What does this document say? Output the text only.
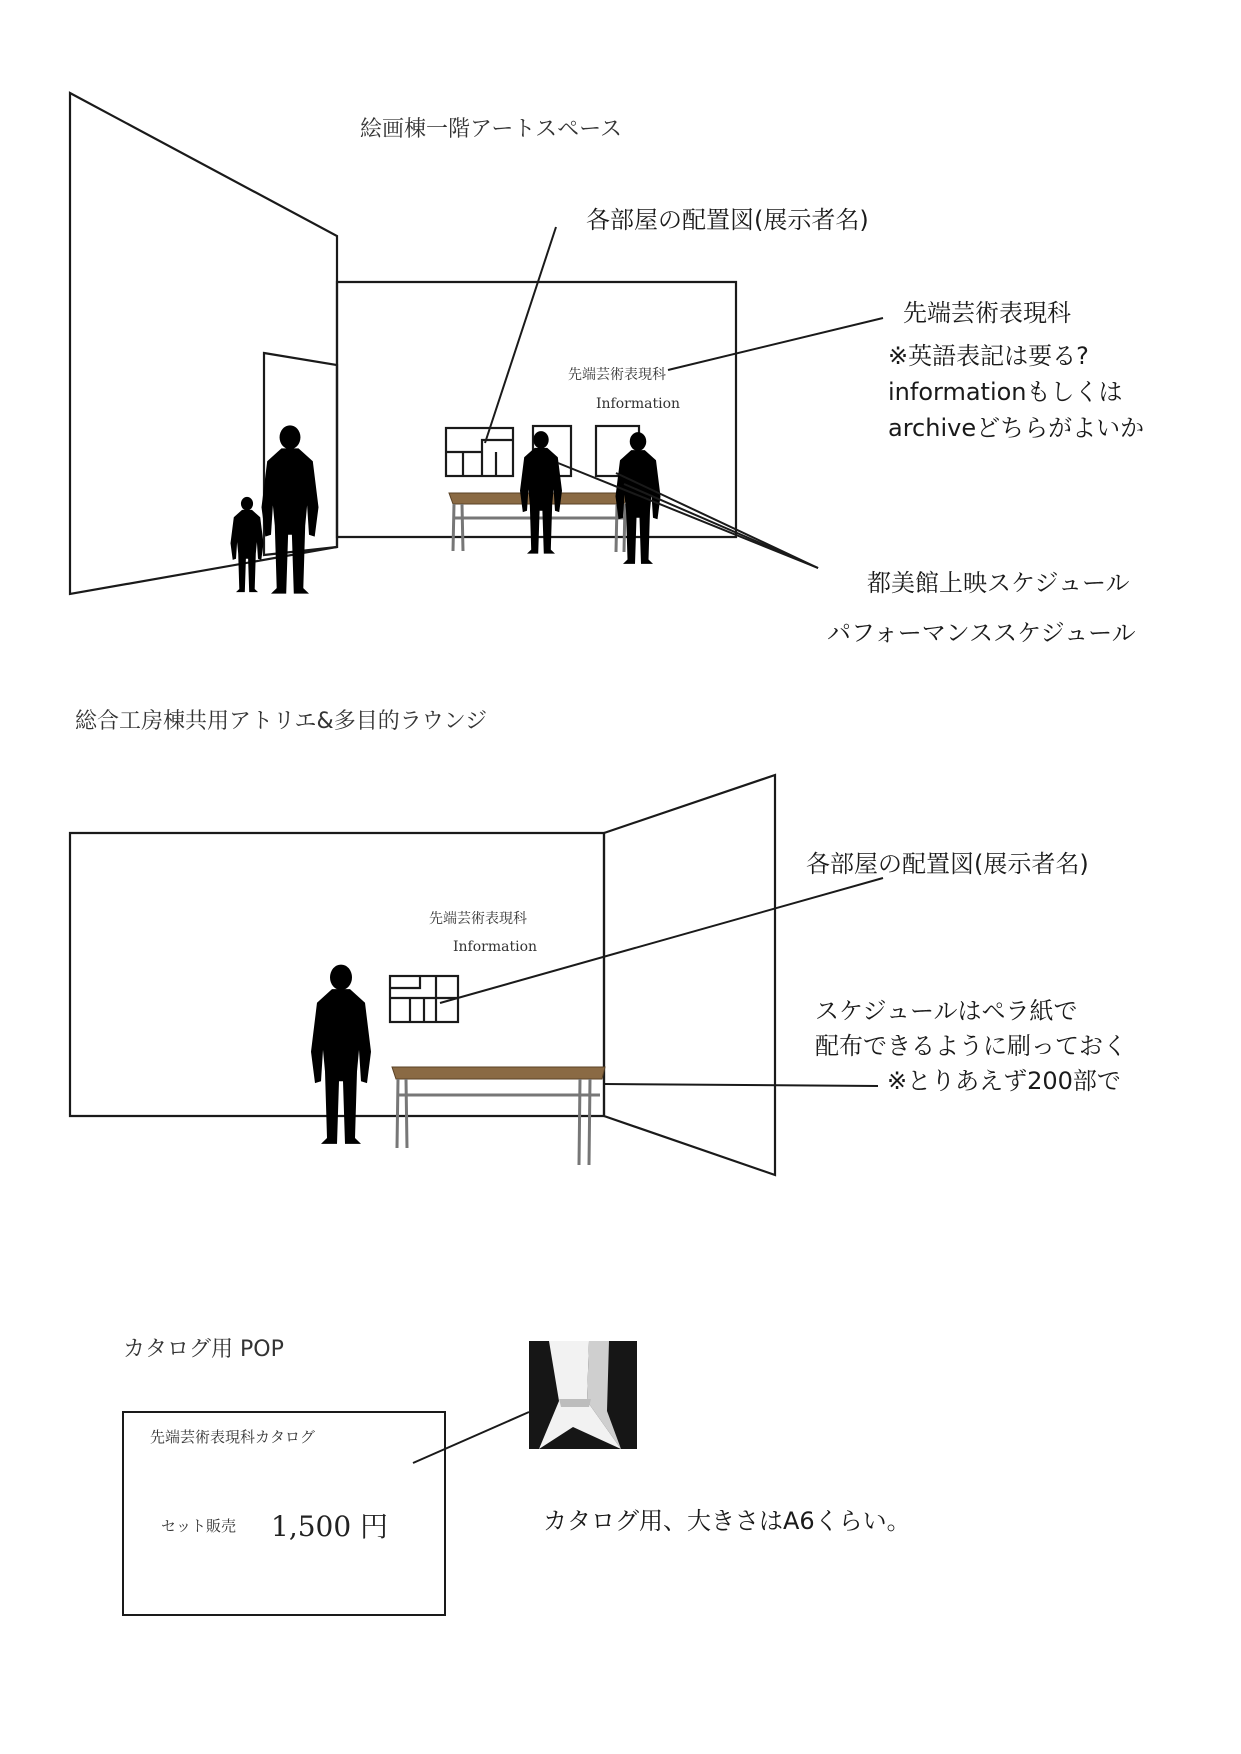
絵画棟一階アートスペース
先端芸術表現科
Information
各部屋の配置図(展示者名)
先端芸術表現科
※英語表記は要る?
informationもしくは
archiveどちらがよいか
都美館上映スケジュール
パフォーマンススケジュール
総合工房棟共用アトリエ&多目的ラウンジ
先端芸術表現科
Information
各部屋の配置図(展示者名)
スケジュールはペラ紙で
配布できるように刷っておく
※とりあえず200部で
カタログ用 POP
先端芸術表現科カタログ
セット販売 1,500 円	カタログ用、大きさはA6くらい。
